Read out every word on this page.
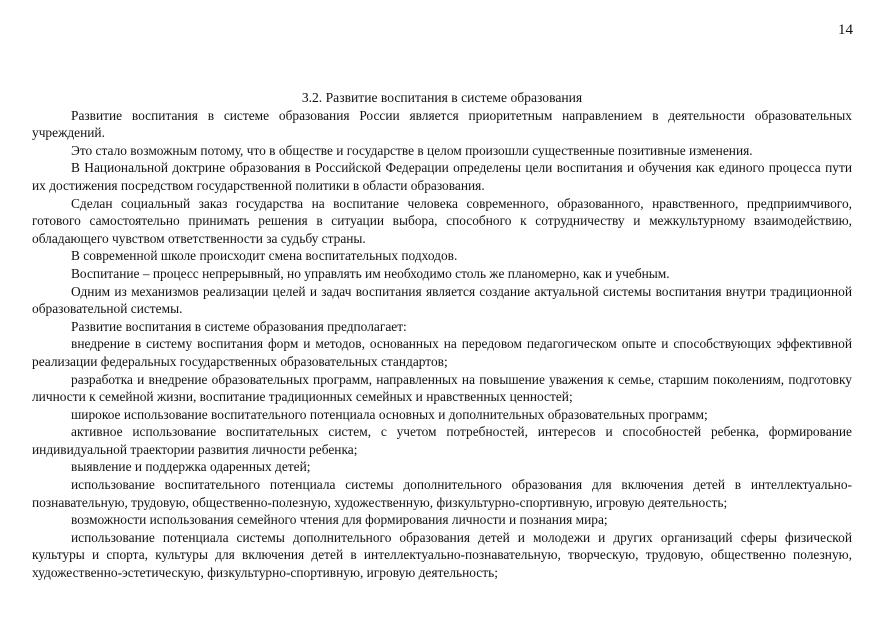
14
3.2. Развитие воспитания в системе образования

Развитие воспитания в системе образования России является приоритетным направлением в деятельности образовательных учреждений.

Это стало возможным потому, что в обществе и государстве в целом произошли существенные позитивные изменения.

В Национальной доктрине образования в Российской Федерации определены цели воспитания и обучения как единого процесса пути их достижения посредством государственной политики в области образования.

Сделан социальный заказ государства на воспитание человека современного, образованного, нравственного, предприимчивого, готового самостоятельно принимать решения в ситуации выбора, способного к сотрудничеству и межкультурному взаимодействию, обладающего чувством ответственности за судьбу страны.

В современной школе происходит смена воспитательных подходов.

Воспитание – процесс непрерывный, но управлять им необходимо столь же планомерно, как и учебным.

Одним из механизмов реализации целей и задач воспитания является создание актуальной системы воспитания внутри традиционной образовательной системы.

Развитие воспитания в системе образования предполагает:

внедрение в систему воспитания форм и методов, основанных на передовом педагогическом опыте и способствующих эффективной реализации федеральных государственных образовательных стандартов;

разработка и внедрение образовательных программ, направленных на повышение уважения к семье, старшим поколениям, подготовку личности к семейной жизни, воспитание традиционных семейных и нравственных ценностей;

широкое использование воспитательного потенциала основных и дополнительных образовательных программ;

активное использование воспитательных систем, с учетом потребностей, интересов и способностей ребенка, формирование индивидуальной траектории развития личности ребенка;

выявление и поддержка одаренных детей;

использование воспитательного потенциала системы дополнительного образования для включения детей в интеллектуально-познавательную, трудовую, общественно-полезную, художественную, физкультурно-спортивную, игровую деятельность;

возможности использования семейного чтения для формирования личности и познания мира;

использование потенциала системы дополнительного образования детей и молодежи и других организаций сферы физической культуры и спорта, культуры для включения детей в интеллектуально-познавательную, творческую, трудовую, общественно полезную, художественно-эстетическую, физкультурно-спортивную, игровую деятельность;
